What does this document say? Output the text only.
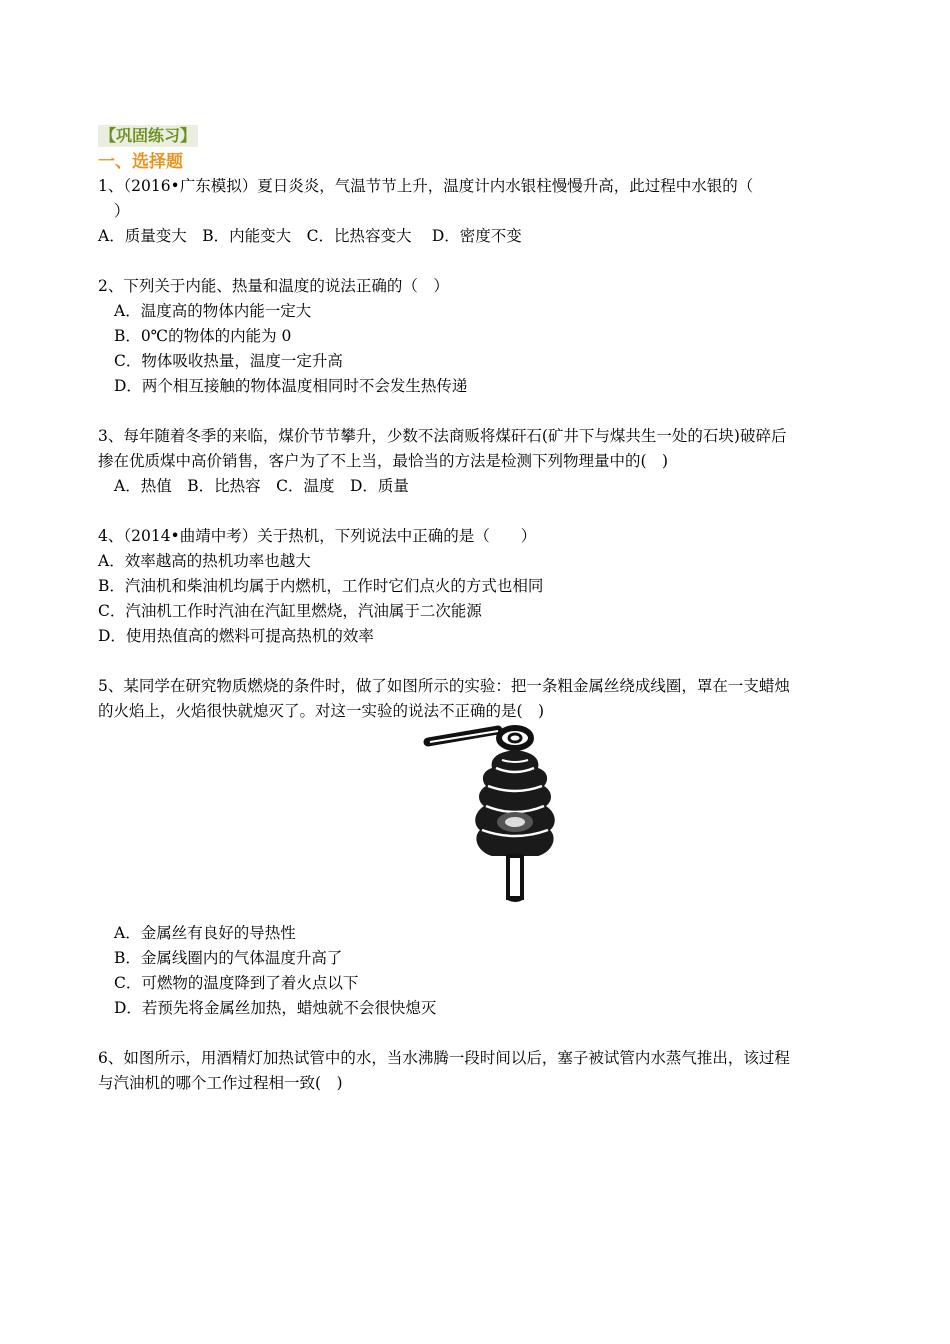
【巩固练习】
一、选择题
1、（2016•广东模拟）夏日炎炎，气温节节上升，温度计内水银柱慢慢升高，此过程中水银的（
）
A．质量变大　B．内能变大　C．比热容变大　 D．密度不变
2、下列关于内能、热量和温度的说法正确的（　）
A．温度高的物体内能一定大
B．0℃的物体的内能为 0
C．物体吸收热量，温度一定升高
D．两个相互接触的物体温度相同时不会发生热传递
3、每年随着冬季的来临，煤价节节攀升，少数不法商贩将煤矸石(矿井下与煤共生一处的石块)破碎后
掺在优质煤中高价销售，客户为了不上当，最恰当的方法是检测下列物理量中的(　)
A．热值　B．比热容　C．温度　D．质量
4、（2014•曲靖中考）关于热机，下列说法中正确的是（　　）
A．效率越高的热机功率也越大
B．汽油机和柴油机均属于内燃机，工作时它们点火的方式也相同
C．汽油机工作时汽油在汽缸里燃烧，汽油属于二次能源
D．使用热值高的燃料可提高热机的效率
5、某同学在研究物质燃烧的条件时，做了如图所示的实验：把一条粗金属丝绕成线圈，罩在一支蜡烛
的火焰上，火焰很快就熄灭了。对这一实验的说法不正确的是(　)
A．金属丝有良好的导热性
B．金属线圈内的气体温度升高了
C．可燃物的温度降到了着火点以下
D．若预先将金属丝加热，蜡烛就不会很快熄灭
6、如图所示，用酒精灯加热试管中的水，当水沸腾一段时间以后，塞子被试管内水蒸气推出，该过程
与汽油机的哪个工作过程相一致(　)
